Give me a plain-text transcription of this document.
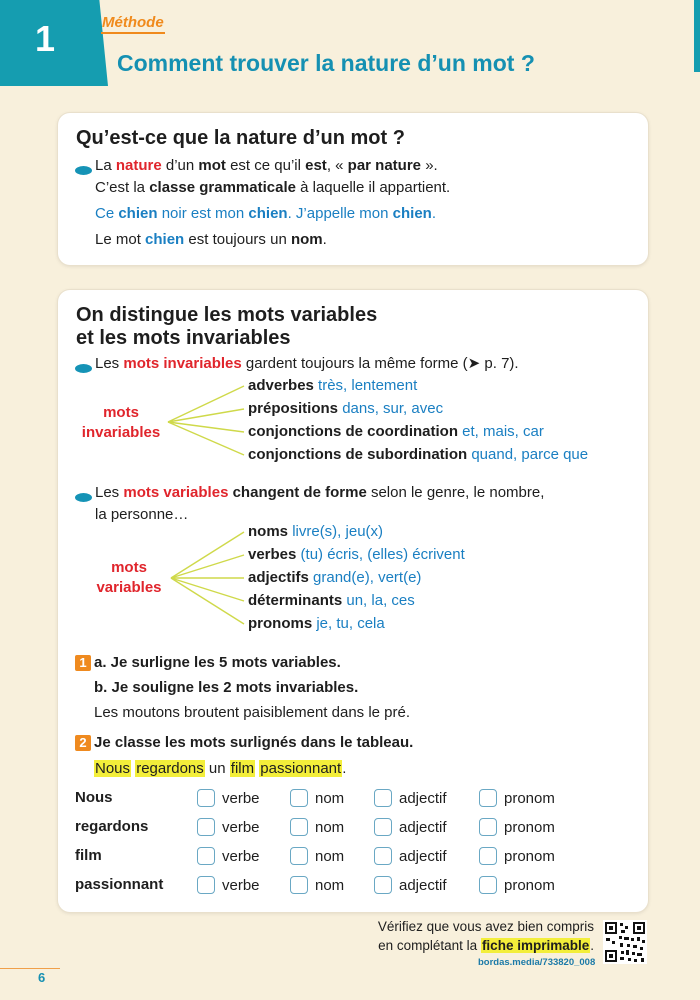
1	Méthode
Comment trouver la nature d’un mot ?
Qu’est-ce que la nature d’un mot ?
La nature d’un mot est ce qu’il est, « par nature ».
C’est la classe grammaticale à laquelle il appartient.
Ce chien noir est mon chien. J’appelle mon chien.
Le mot chien est toujours un nom.
On distingue les mots variables
et les mots invariables
Les mots invariables gardent toujours la même forme (➤ p. 7).
mots
invariables
adverbes très, lentement
prépositions dans, sur, avec
conjonctions de coordination et, mais, car
conjonctions de subordination quand, parce que
Les mots variables changent de forme selon le genre, le nombre,
la personne…
mots
variables
noms livre(s), jeu(x)
verbes (tu) écris, (elles) écrivent
adjectifs grand(e), vert(e)
déterminants un, la, ces
pronoms je, tu, cela
1 a. Je surligne les 5 mots variables.
b. Je souligne les 2 mots invariables.
Les moutons broutent paisiblement dans le pré.
2 Je classe les mots surlignés dans le tableau.
Nous regardons un film passionnant.
Nous	verbe	nom	adjectif	pronom
regardons	verbe	nom	adjectif	pronom
film	verbe	nom	adjectif	pronom
passionnant	verbe	nom	adjectif	pronom
Vérifiez que vous avez bien compris
en complétant la fiche imprimable.
bordas.media/733820_008
6
